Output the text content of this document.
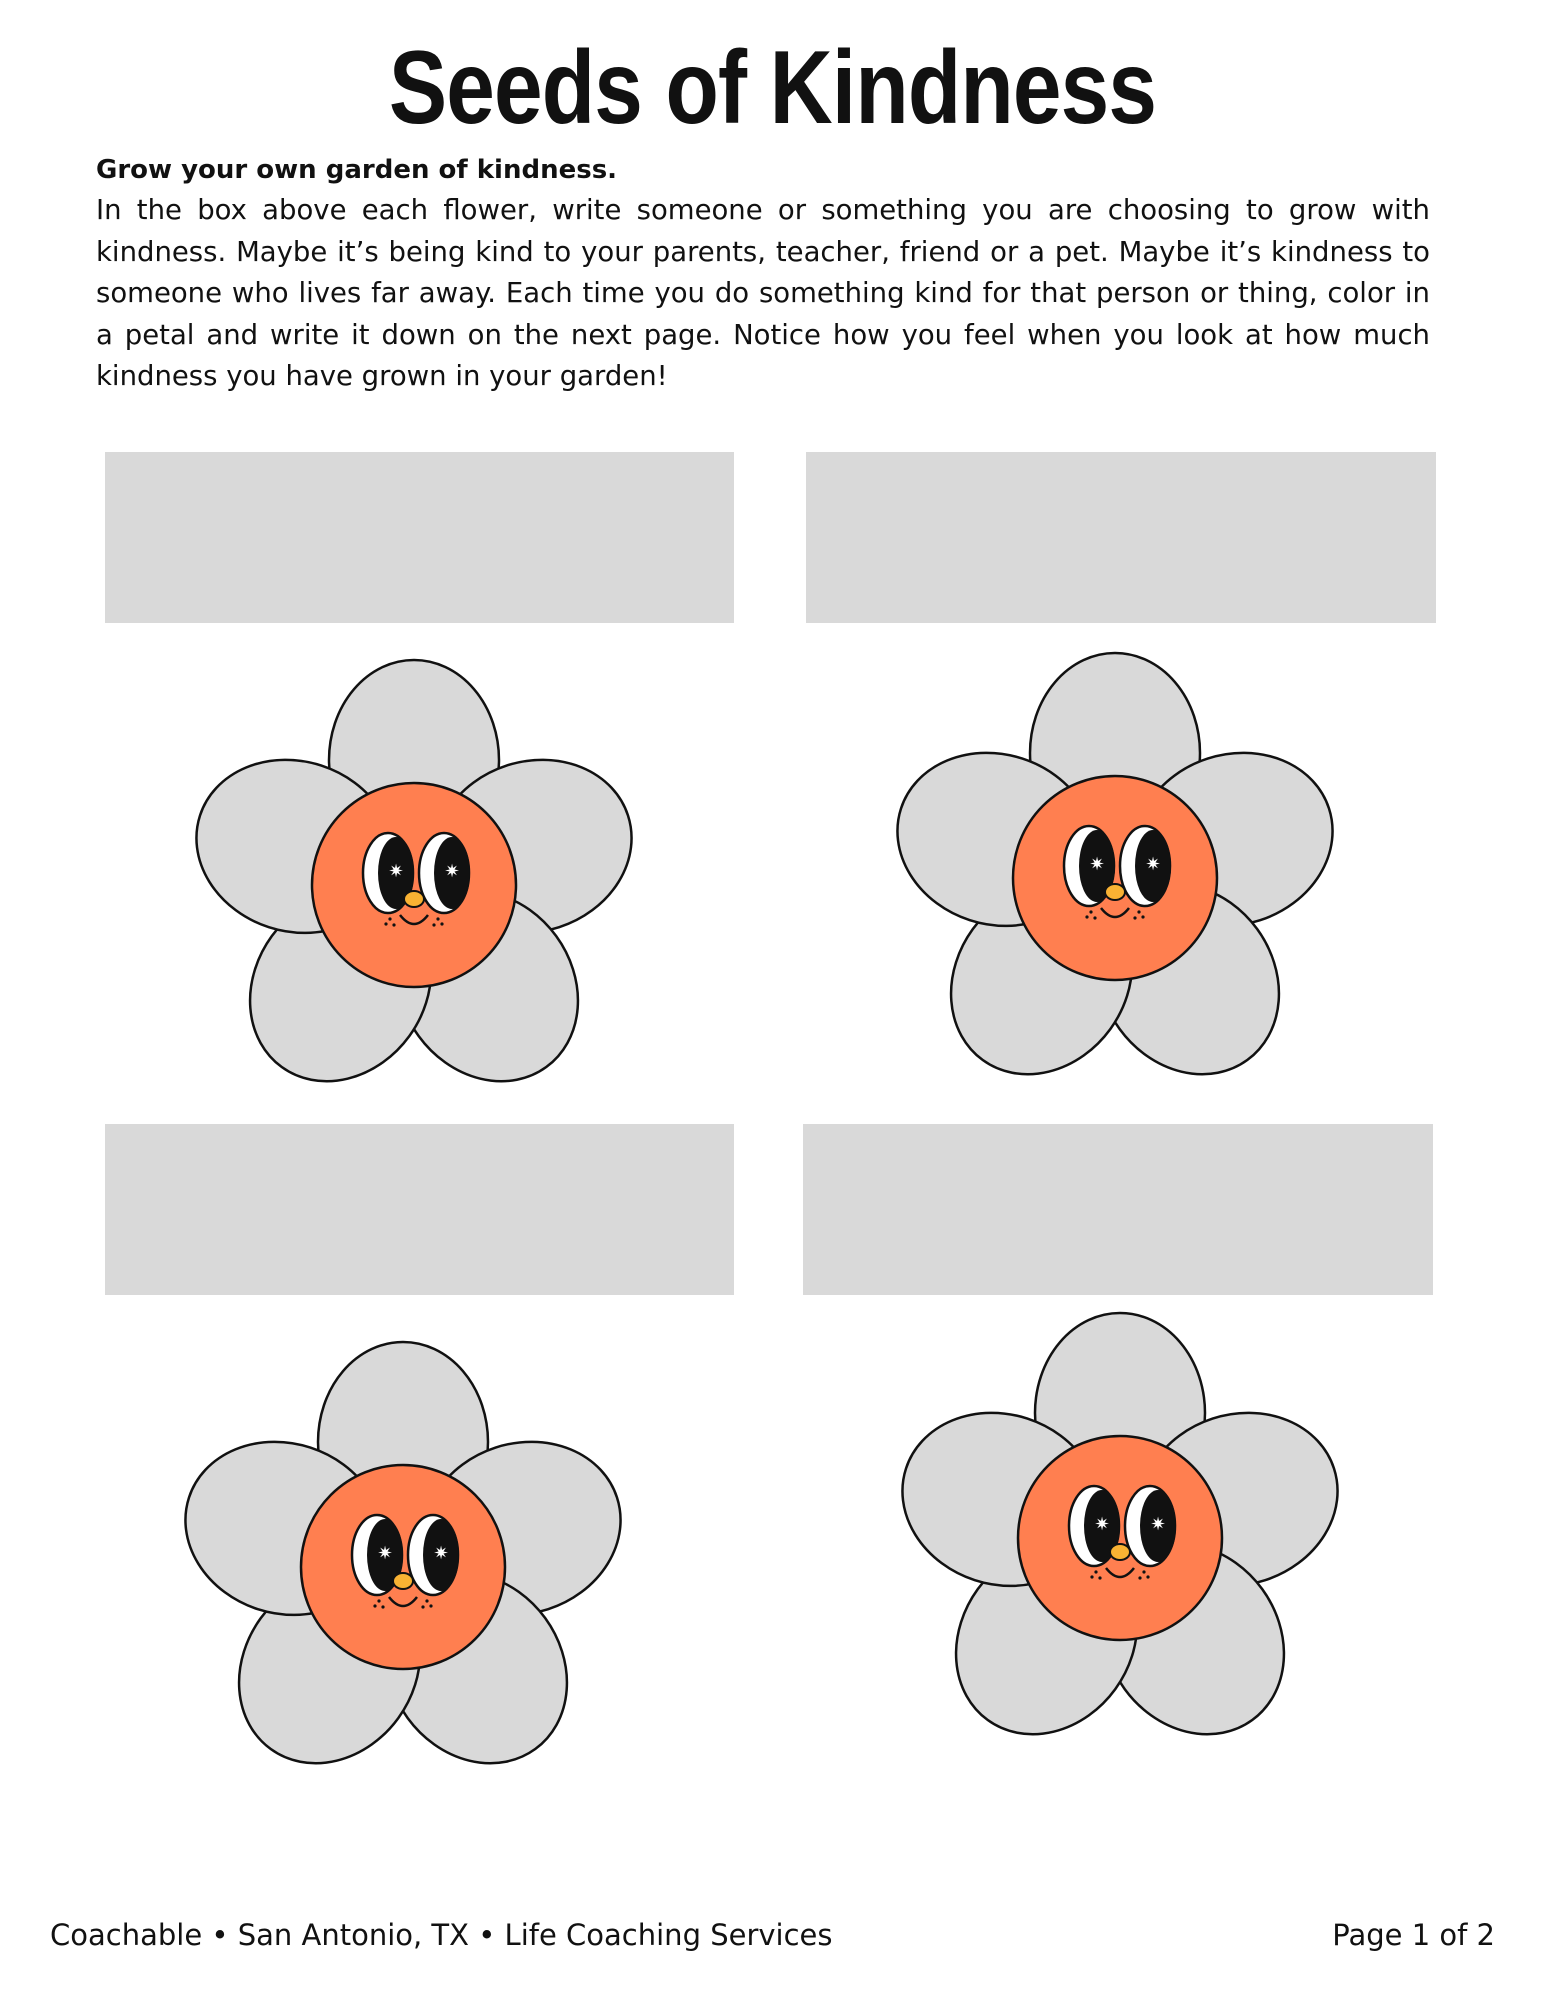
Seeds of Kindness

Grow your own garden of kindness.

In the box above each flower, write someone or something you are choosing to grow with kindness. Maybe it’s being kind to your parents, teacher, friend or a pet. Maybe it’s kindness to someone who lives far away. Each time you do something kind for that person or thing, color in a petal and write it down on the next page. Notice how you feel when you look at how much kindness you have grown in your garden!

Coachable • San Antonio, TX • Life Coaching Services	Page 1 of 2
